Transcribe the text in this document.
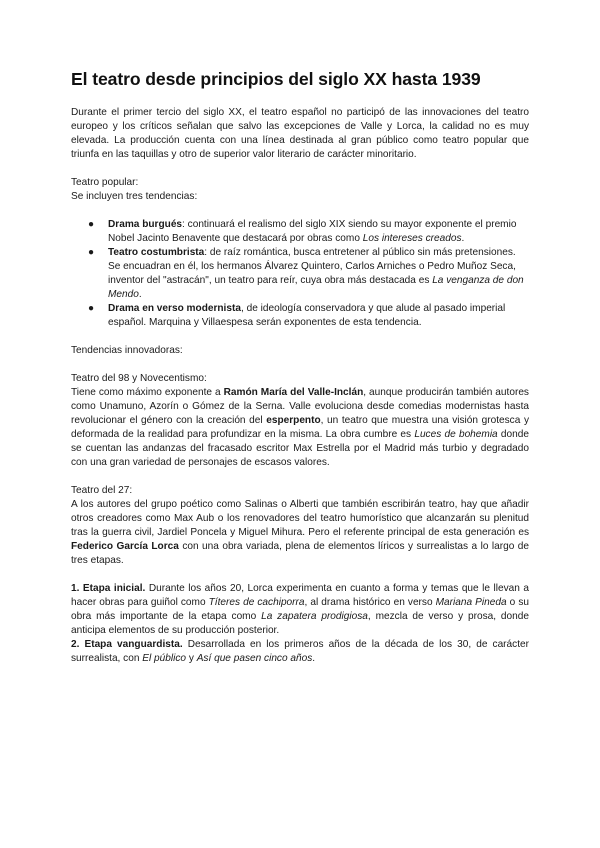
El teatro desde principios del siglo XX hasta 1939

Durante el primer tercio del siglo XX, el teatro español no participó de las innovaciones del teatro europeo y los críticos señalan que salvo las excepciones de Valle y Lorca, la calidad no es muy elevada. La producción cuenta con una línea destinada al gran público como teatro popular que triunfa en las taquillas y otro de superior valor literario de carácter minoritario.

Teatro popular:

Se incluyen tres tendencias:

● Drama burgués: continuará el realismo del siglo XIX siendo su mayor exponente el premio Nobel Jacinto Benavente que destacará por obras como Los intereses creados.
● Teatro costumbrista: de raíz romántica, busca entretener al público sin más pretensiones. Se encuadran en él, los hermanos Álvarez Quintero, Carlos Arniches o Pedro Muñoz Seca, inventor del "astracán", un teatro para reír, cuya obra más destacada es La venganza de don Mendo.
● Drama en verso modernista, de ideología conservadora y que alude al pasado imperial español. Marquina y Villaespesa serán exponentes de esta tendencia.

Tendencias innovadoras:

Teatro del 98 y Novecentismo:

Tiene como máximo exponente a Ramón María del Valle-Inclán, aunque producirán también autores como Unamuno, Azorín o Gómez de la Serna. Valle evoluciona desde comedias modernistas hasta revolucionar el género con la creación del esperpento, un teatro que muestra una visión grotesca y deformada de la realidad para profundizar en la misma. La obra cumbre es Luces de bohemia donde se cuentan las andanzas del fracasado escritor Max Estrella por el Madrid más turbio y degradado con una gran variedad de personajes de escasos valores.

Teatro del 27:

A los autores del grupo poético como Salinas o Alberti que también escribirán teatro, hay que añadir otros creadores como Max Aub o los renovadores del teatro humorístico que alcanzarán su plenitud tras la guerra civil, Jardiel Poncela y Miguel Mihura. Pero el referente principal de esta generación es Federico García Lorca con una obra variada, plena de elementos líricos y surrealistas a lo largo de tres etapas.

1. Etapa inicial. Durante los años 20, Lorca experimenta en cuanto a forma y temas que le llevan a hacer obras para guiñol como Títeres de cachiporra, al drama histórico en verso Mariana Pineda o su obra más importante de la etapa como La zapatera prodigiosa, mezcla de verso y prosa, donde anticipa elementos de su producción posterior.

2. Etapa vanguardista. Desarrollada en los primeros años de la década de los 30, de carácter surrealista, con El público y Así que pasen cinco años.
